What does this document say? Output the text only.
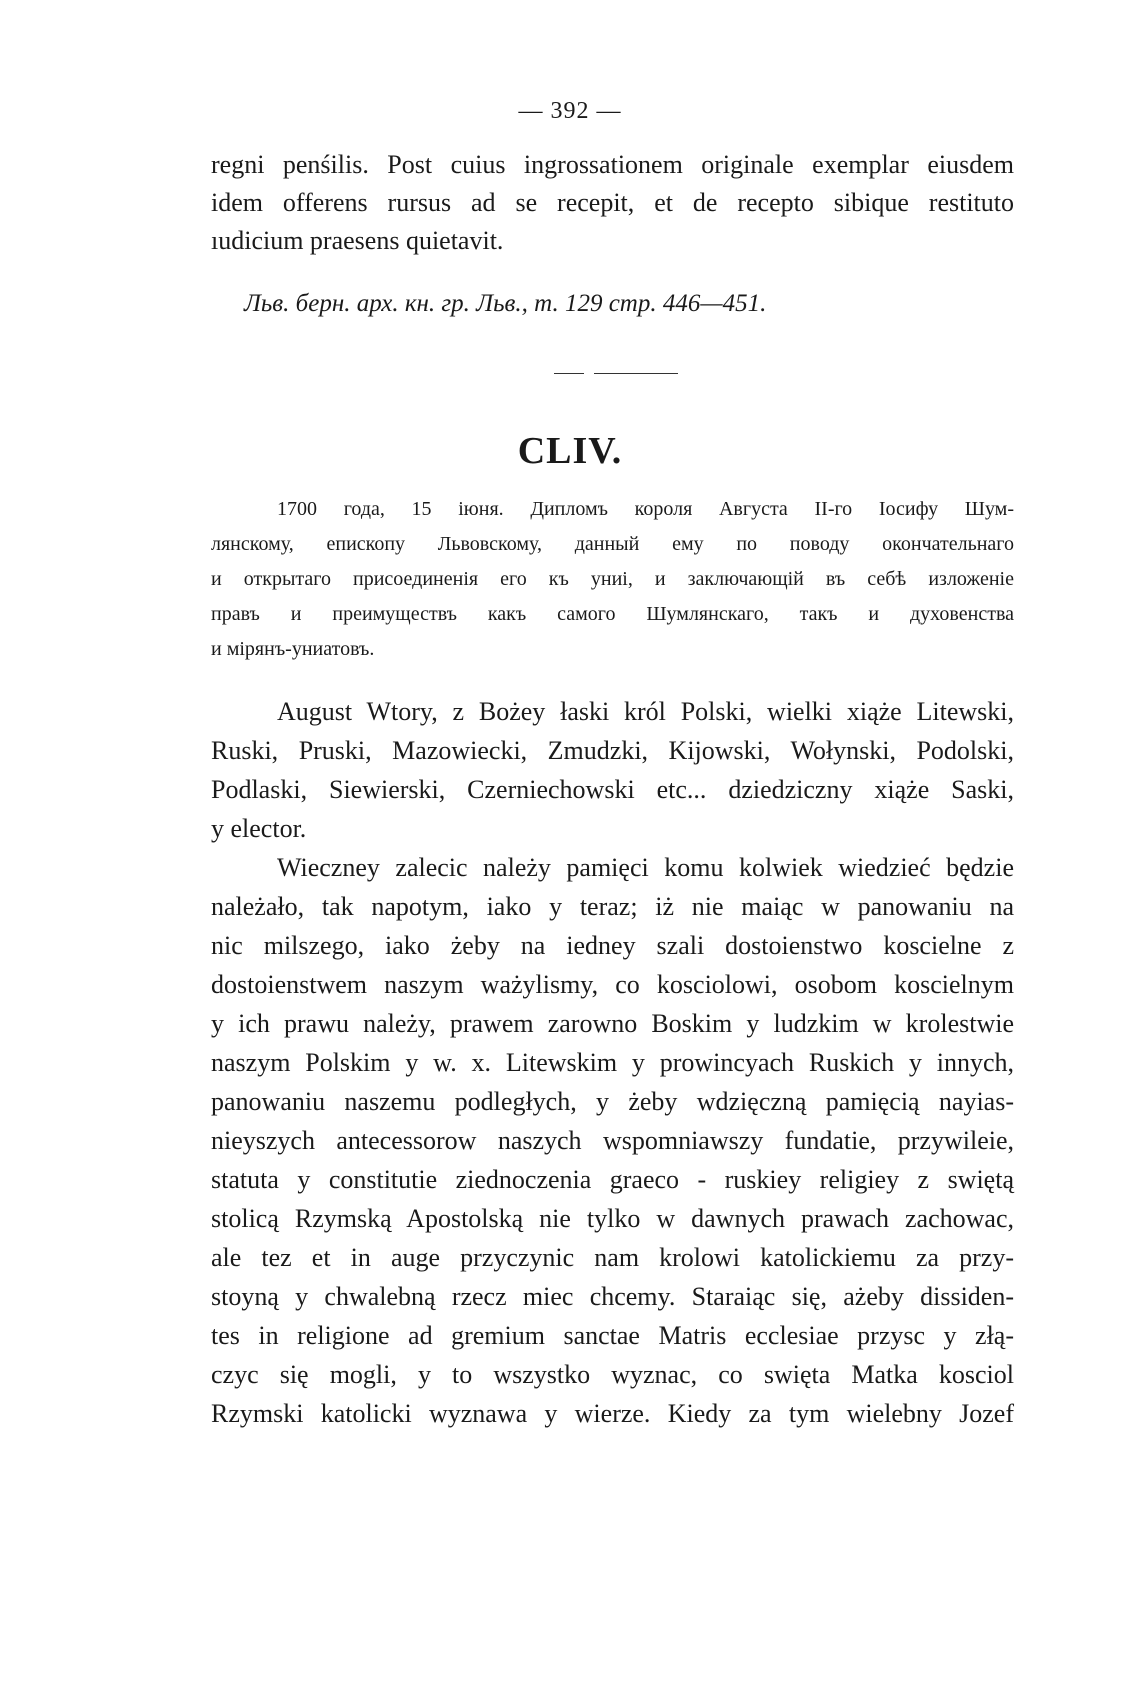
— 392 —
regni penśilis. Post cuius ingrossationem originale exemplar eiusdem
idem offerens rursus ad se recepit, et de recepto sibique restituto
ıudicium praesens quietavit.
Льв. берн. арх. кн. гр. Льв., т. 129 стр. 446—451.
CLIV.
1700 года, 15 iюня. Дипломъ короля Августа II-го Iосифу Шум-
лянскому, епископу Львовскому, данный ему по поводу окончательнаго
и открытаго присоединенiя его къ униi, и заключающiй въ себѣ изложенiе
правъ и преимуществъ какъ самого Шумлянскаго, такъ и духовенства
и мiрянъ-униатовъ.
August Wtory, z Bożey łaski król Polski, wielki xiąże Litewski,
Ruski, Pruski, Mazowiecki, Zmudzki, Kijowski, Wołynski, Podolski,
Podlaski, Siewierski, Czerniechowski etc... dziedziczny xiąże Saski,
y elector.
Wieczney zalecic należy pamięci komu kolwiek wiedzieć będzie
należało, tak napotym, iako y teraz; iż nie maiąc w panowaniu na
nic milszego, iako żeby na iedney szali dostoienstwo koscielne z
dostoienstwem naszym ważylismy, co kosciolowi, osobom koscielnym
y ich prawu należy, prawem zarowno Boskim y ludzkim w krolestwie
naszym Polskim y w. x. Litewskim y prowincyach Ruskich y innych,
panowaniu naszemu podległych, y żeby wdzięczną pamięcią nayias-
nieyszych antecessorow naszych wspomniawszy fundatie, przywileie,
statuta y constitutie ziednoczenia graeco - ruskiey religiey z swiętą
stolicą Rzymską Apostolską nie tylko w dawnych prawach zachowac,
ale tez et in auge przyczynic nam krolowi katolickiemu za przy-
stoyną y chwalebną rzecz miec chcemy. Staraiąc się, ażeby dissiden-
tes in religione ad gremium sanctae Matris ecclesiae przysc y złą-
czyc się mogli, y to wszystko wyznac, co swięta Matka kosciol
Rzymski katolicki wyznawa y wierze. Kiedy za tym wielebny Jozef
